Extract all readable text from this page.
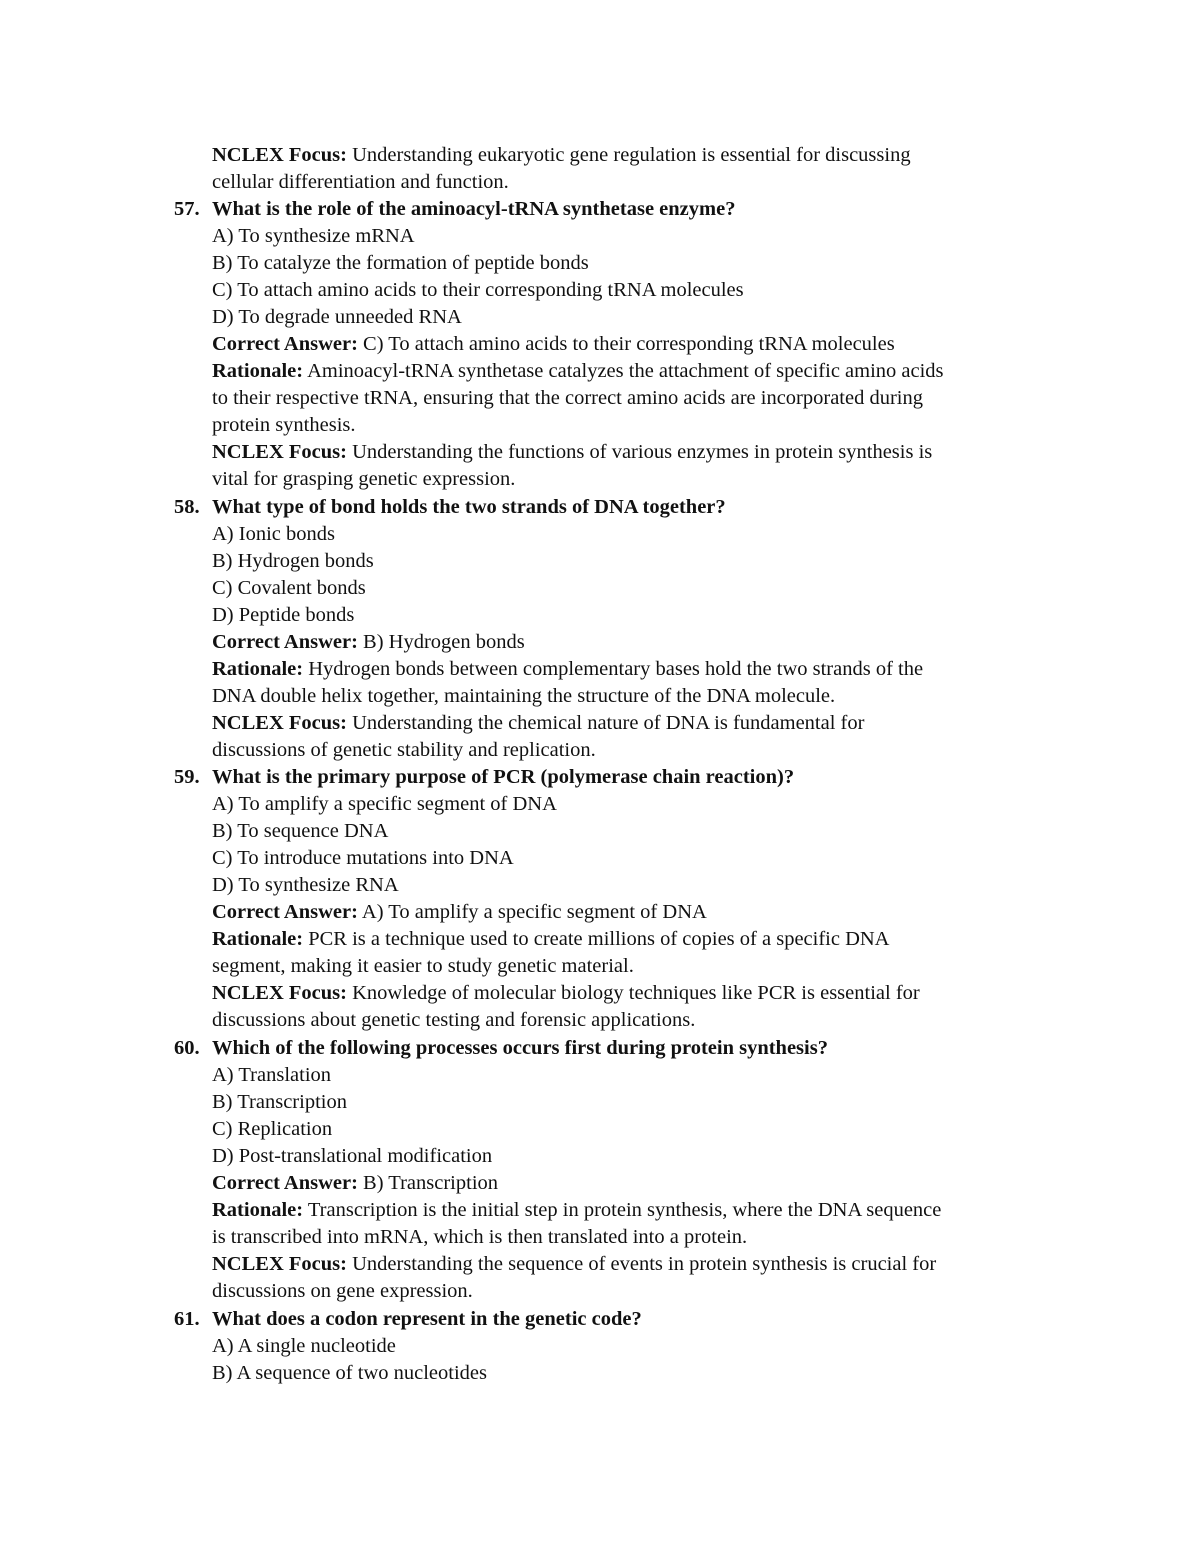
NCLEX Focus: Understanding eukaryotic gene regulation is essential for discussing
cellular differentiation and function.
57. What is the role of the aminoacyl-tRNA synthetase enzyme?
A) To synthesize mRNA
B) To catalyze the formation of peptide bonds
C) To attach amino acids to their corresponding tRNA molecules
D) To degrade unneeded RNA
Correct Answer: C) To attach amino acids to their corresponding tRNA molecules
Rationale: Aminoacyl-tRNA synthetase catalyzes the attachment of specific amino acids
to their respective tRNA, ensuring that the correct amino acids are incorporated during
protein synthesis.
NCLEX Focus: Understanding the functions of various enzymes in protein synthesis is
vital for grasping genetic expression.
58. What type of bond holds the two strands of DNA together?
A) Ionic bonds
B) Hydrogen bonds
C) Covalent bonds
D) Peptide bonds
Correct Answer: B) Hydrogen bonds
Rationale: Hydrogen bonds between complementary bases hold the two strands of the
DNA double helix together, maintaining the structure of the DNA molecule.
NCLEX Focus: Understanding the chemical nature of DNA is fundamental for
discussions of genetic stability and replication.
59. What is the primary purpose of PCR (polymerase chain reaction)?
A) To amplify a specific segment of DNA
B) To sequence DNA
C) To introduce mutations into DNA
D) To synthesize RNA
Correct Answer: A) To amplify a specific segment of DNA
Rationale: PCR is a technique used to create millions of copies of a specific DNA
segment, making it easier to study genetic material.
NCLEX Focus: Knowledge of molecular biology techniques like PCR is essential for
discussions about genetic testing and forensic applications.
60. Which of the following processes occurs first during protein synthesis?
A) Translation
B) Transcription
C) Replication
D) Post-translational modification
Correct Answer: B) Transcription
Rationale: Transcription is the initial step in protein synthesis, where the DNA sequence
is transcribed into mRNA, which is then translated into a protein.
NCLEX Focus: Understanding the sequence of events in protein synthesis is crucial for
discussions on gene expression.
61. What does a codon represent in the genetic code?
A) A single nucleotide
B) A sequence of two nucleotides
